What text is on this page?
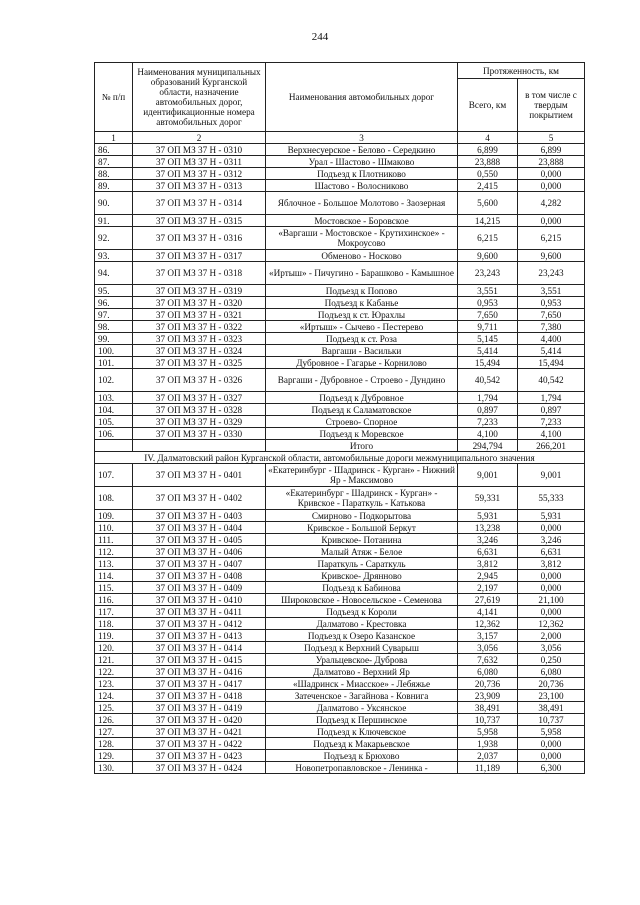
244
№ п/п	Наименования муниципальных образований Курганской области, назначение автомобильных дорог, идентификационные номера автомобильных дорог	Наименования автомобильных дорог	Протяженность, км	
			Всего, км	в том числе с твердым покрытием
1	2	3	4	5
86.	37 ОП МЗ 37 Н - 0310	Верхнесуерское - Белово - Середкино	6,899	6,899
87.	37 ОП МЗ 37 Н - 0311	Урал - Шастово - Шмаково	23,888	23,888
88.	37 ОП МЗ 37 Н - 0312	Подъезд к Плотниково	0,550	0,000
89.	37 ОП МЗ 37 Н - 0313	Шастово - Волосниково	2,415	0,000
90.	37 ОП МЗ 37 Н - 0314	Яблочное - Большое Молотово - Заозерная	5,600	4,282
91.	37 ОП МЗ 37 Н - 0315	Мостовское - Боровское	14,215	0,000
92.	37 ОП МЗ 37 Н - 0316	«Варгаши - Мостовское - Крутихинское» - Мокроусово	6,215	6,215
93.	37 ОП МЗ 37 Н - 0317	Обменово - Носково	9,600	9,600
94.	37 ОП МЗ 37 Н - 0318	«Иртыш» - Пичугино - Барашково - Камышное	23,243	23,243
95.	37 ОП МЗ 37 Н - 0319	Подъезд к Попово	3,551	3,551
96.	37 ОП МЗ 37 Н - 0320	Подъезд к Кабанье	0,953	0,953
97.	37 ОП МЗ 37 Н - 0321	Подъезд к ст. Юрахлы	7,650	7,650
98.	37 ОП МЗ 37 Н - 0322	«Иртыш» - Сычево - Пестерево	9,711	7,380
99.	37 ОП МЗ 37 Н - 0323	Подъезд к ст. Роза	5,145	4,400
100.	37 ОП МЗ 37 Н - 0324	Варгаши - Васильки	5,414	5,414
101.	37 ОП МЗ 37 Н - 0325	Дубровное - Гагарье - Корнилово	15,494	15,494
102.	37 ОП МЗ 37 Н - 0326	Варгаши - Дубровное - Строево - Дундино	40,542	40,542
103.	37 ОП МЗ 37 Н - 0327	Подъезд к Дубровное	1,794	1,794
104.	37 ОП МЗ 37 Н - 0328	Подъезд к Саламатовское	0,897	0,897
105.	37 ОП МЗ 37 Н - 0329	Строево- Спорное	7,233	7,233
106.	37 ОП МЗ 37 Н - 0330	Подъезд к Моревское	4,100	4,100
		Итого	294,794	266,201
IV. Далматовский район Курганской области, автомобильные дороги межмуниципального значения				
107.	37 ОП МЗ 37 Н - 0401	«Екатеринбург - Шадринск - Курган» - Нижний Яр - Максимово	9,001	9,001
108.	37 ОП МЗ 37 Н - 0402	«Екатеринбург - Шадринск - Курган» - Кривское - Параткуль - Катькова	59,331	55,333
109.	37 ОП МЗ 37 Н - 0403	Смирново - Подкорытова	5,931	5,931
110.	37 ОП МЗ 37 Н - 0404	Кривское - Большой Беркут	13,238	0,000
111.	37 ОП МЗ 37 Н - 0405	Кривское- Потанина	3,246	3,246
112.	37 ОП МЗ 37 Н - 0406	Малый Атяж - Белое	6,631	6,631
113.	37 ОП МЗ 37 Н - 0407	Параткуль - Сараткуль	3,812	3,812
114.	37 ОП МЗ 37 Н - 0408	Кривское- Дрянново	2,945	0,000
115.	37 ОП МЗ 37 Н - 0409	Подъезд к Бабинова	2,197	0,000
116.	37 ОП МЗ 37 Н - 0410	Широковское - Новосельское - Семенова	27,619	21,100
117.	37 ОП МЗ 37 Н - 0411	Подъезд к Короли	4,141	0,000
118.	37 ОП МЗ 37 Н - 0412	Далматово - Крестовка	12,362	12,362
119.	37 ОП МЗ 37 Н - 0413	Подъезд к Озеро Казанское	3,157	2,000
120.	37 ОП МЗ 37 Н - 0414	Подъезд к Верхний Суварыш	3,056	3,056
121.	37 ОП МЗ 37 Н - 0415	Уральцевское- Дуброва	7,632	0,250
122.	37 ОП МЗ 37 Н - 0416	Далматово - Верхний Яр	6,080	6,080
123.	37 ОП МЗ 37 Н - 0417	«Шадринск - Миасское» - Лебяжье	20,736	20,736
124.	37 ОП МЗ 37 Н - 0418	Затеченское - Загайнова - Ковнига	23,909	23,100
125.	37 ОП МЗ 37 Н - 0419	Далматово - Уксянское	38,491	38,491
126.	37 ОП МЗ 37 Н - 0420	Подъезд к Першинское	10,737	10,737
127.	37 ОП МЗ 37 Н - 0421	Подъезд к Ключевское	5,958	5,958
128.	37 ОП МЗ 37 Н - 0422	Подъезд к Макарьевское	1,938	0,000
129.	37 ОП МЗ 37 Н - 0423	Подъезд к Брюхово	2,037	0,000
130.	37 ОП МЗ 37 Н - 0424	Новопетропавловское - Ленинка -	11,189	6,300
